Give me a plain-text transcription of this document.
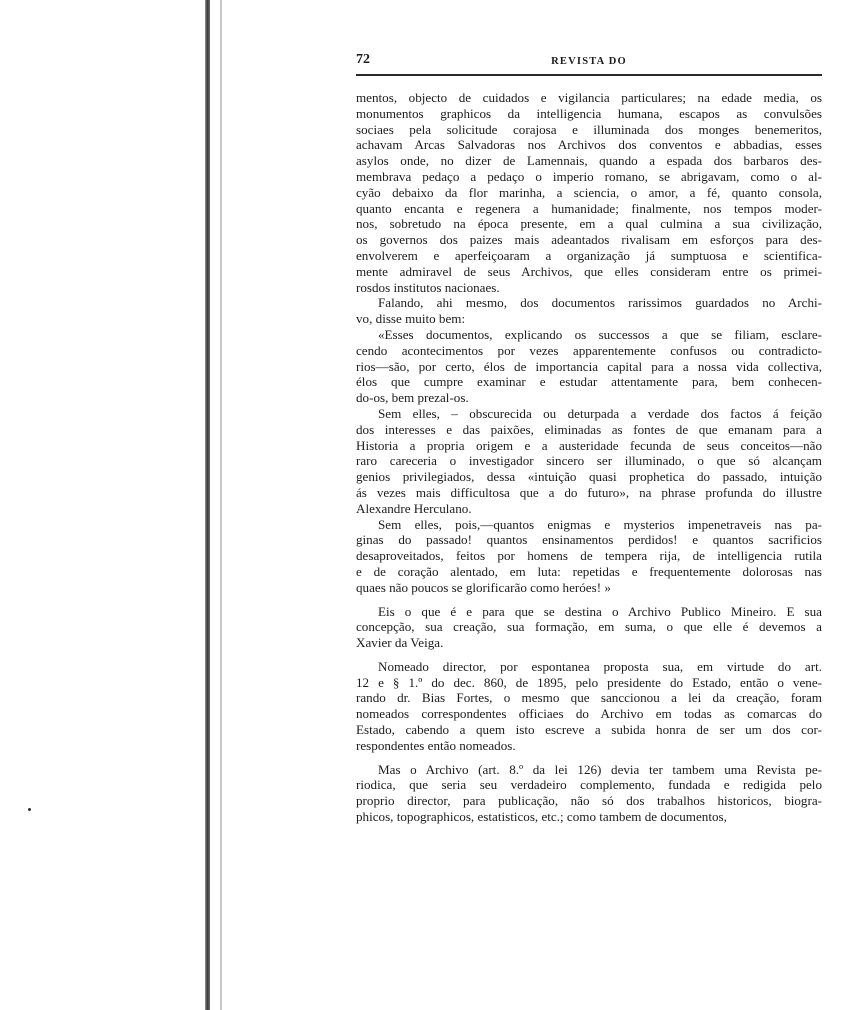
72	REVISTA DO
mentos, objecto de cuidados e vigilancia particulares; na edade media, os
monumentos graphicos da intelligencia humana, escapos as convulsões
sociaes pela solicitude corajosa e illuminada dos monges benemeritos,
achavam Arcas Salvadoras nos Archivos dos conventos e abbadias, esses
asylos onde, no dizer de Lamennais, quando a espada dos barbaros des-
membrava pedaço a pedaço o imperio romano, se abrigavam, como o al-
cyão debaixo da flor marinha, a sciencia, o amor, a fé, quanto consola,
quanto encanta e regenera a humanidade; finalmente, nos tempos moder-
nos, sobretudo na época presente, em a qual culmina a sua civilização,
os governos dos paizes mais adeantados rivalisam em esforços para des-
envolverem e aperfeiçoaram a organização já sumptuosa e scientifica-
mente admiravel de seus Archivos, que elles consideram entre os primei-
rosdos institutos nacionaes.
Falando, ahi mesmo, dos documentos rarissimos guardados no Archi-
vo, disse muito bem:
«Esses documentos, explicando os successos a que se filiam, esclare-
cendo acontecimentos por vezes apparentemente confusos ou contradicto-
rios—são, por certo, élos de importancia capital para a nossa vida collectiva,
élos que cumpre examinar e estudar attentamente para, bem conhecen-
do-os, bem prezal-os.
Sem elles, – obscurecida ou deturpada a verdade dos factos á feição
dos interesses e das paixões, eliminadas as fontes de que emanam para a
Historia a propria origem e a austeridade fecunda de seus conceitos—não
raro careceria o investigador sincero ser illuminado, o que só alcançam
genios privilegiados, dessa «intuição quasi prophetica do passado, intuição
ás vezes mais difficultosa que a do futuro», na phrase profunda do illustre
Alexandre Herculano.
Sem elles, pois,—quantos enigmas e mysterios impenetraveis nas pa-
ginas do passado! quantos ensinamentos perdidos! e quantos sacrificios
desaproveitados, feitos por homens de tempera rija, de intelligencia rutila
e de coração alentado, em luta: repetidas e frequentemente dolorosas nas
quaes não poucos se glorificarão como heróes! »
Eis o que é e para que se destina o Archivo Publico Mineiro. E sua
concepção, sua creação, sua formação, em suma, o que elle é devemos a
Xavier da Veiga.
Nomeado director, por espontanea proposta sua, em virtude do art.
12 e § 1.º do dec. 860, de 1895, pelo presidente do Estado, então o vene-
rando dr. Bias Fortes, o mesmo que sanccionou a lei da creação, foram
nomeados correspondentes officiaes do Archivo em todas as comarcas do
Estado, cabendo a quem isto escreve a subida honra de ser um dos cor-
respondentes então nomeados.
Mas o Archivo (art. 8.º da lei 126) devia ter tambem uma Revista pe-
riodica, que seria seu verdadeiro complemento, fundada e redigida pelo
proprio director, para publicação, não só dos trabalhos historicos, biogra-
phicos, topographicos, estatisticos, etc.; como tambem de documentos,
